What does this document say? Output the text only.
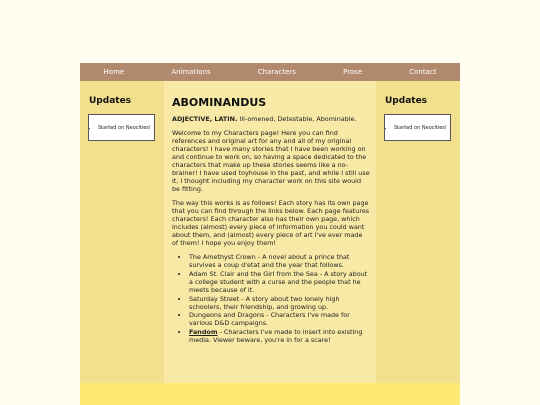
Home	Animations	Characters	Prose	Contact
Updates
• Started on Neocities!
ABOMINANDUS

ADJECTIVE, LATIN. Ill-omened, Detestable, Abominable.

Welcome to my Characters page! Here you can find references and original art for any and all of my original characters! I have many stories that I have been working on and continue to work on, so having a space dedicated to the characters that make up these stories seems like a no-brainer! I have used toyhouse in the past, and while I still use it, I thought including my character work on this site would be fitting.

The way this works is as follows! Each story has its own page that you can find through the links below. Each page features characters! Each character also has their own page, which includes (almost) every piece of information you could want about them, and (almost) every piece of art I've ever made of them! I hope you enjoy them!

• The Amethyst Crown - A novel about a prince that survives a coup d'etat and the year that follows.
• Adam St. Clair and the Girl from the Sea - A story about a college student with a curse and the people that he meets because of it.
• Saturday Street - A story about two lonely high schoolers, their friendship, and growing up.
• Dungeons and Dragons - Characters I've made for various D&D campaigns.
• Fandom - Characters I've made to insert into existing media. Viewer beware, you're in for a scare!
Updates
• Started on Neocities!
